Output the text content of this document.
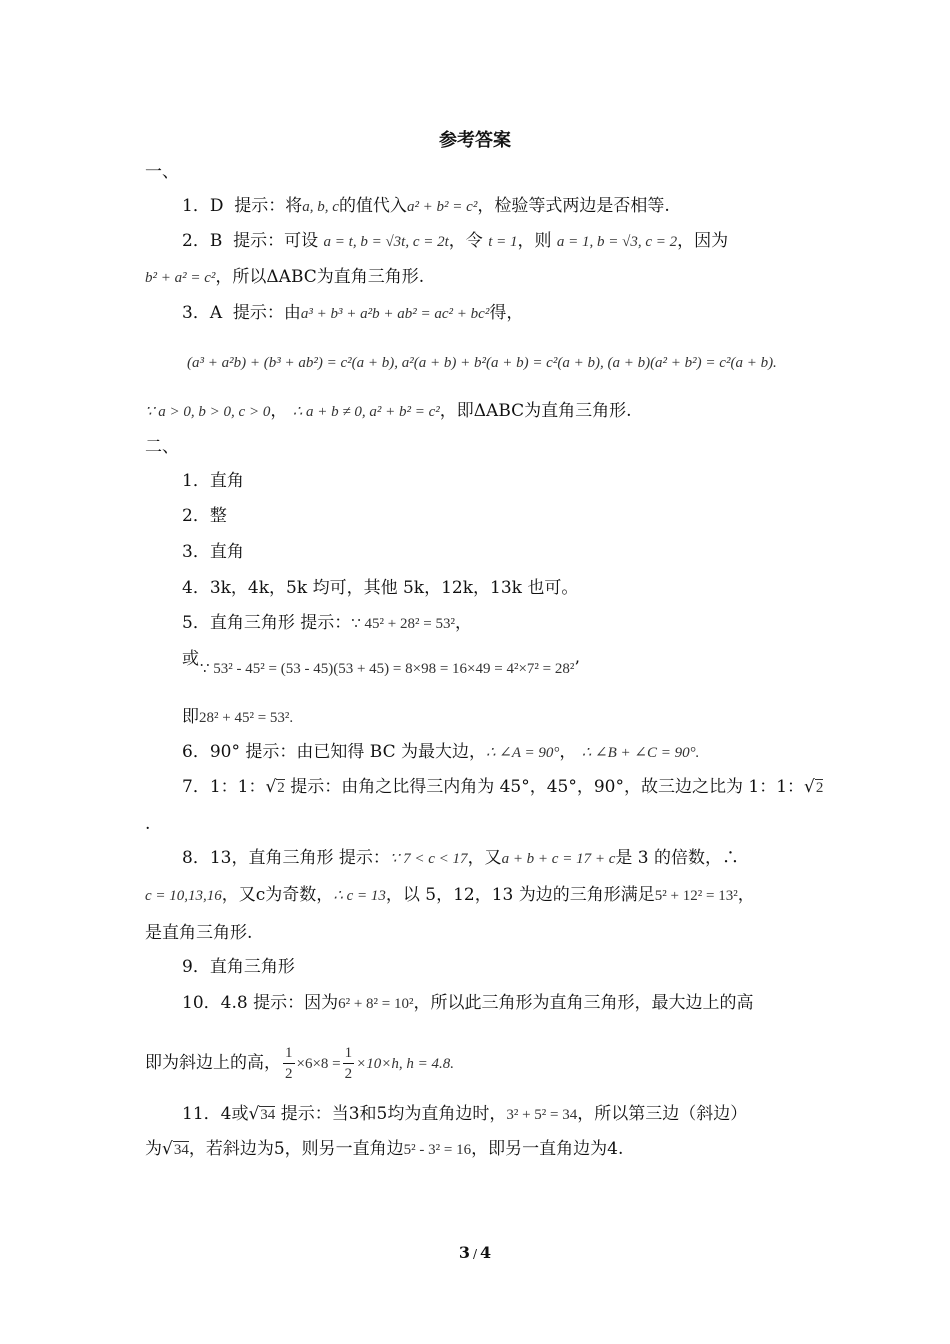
参考答案
一、
1．D 提示：将a, b, c的值代入a² + b² = c²，检验等式两边是否相等.
2．B 提示：可设 a = t, b = √3t, c = 2t，令 t = 1，则 a = 1, b = √3, c = 2，因为
b² + a² = c²，所以ΔABC为直角三角形.
3．A 提示：由a³ + b³ + a²b + ab² = ac² + bc²得，
(a³ + a²b) + (b³ + ab²) = c²(a + b), a²(a + b) + b²(a + b) = c²(a + b), (a + b)(a² + b²) = c²(a + b).
∵ a > 0, b > 0, c > 0， ∴ a + b ≠ 0, a² + b² = c²，即ΔABC为直角三角形.
二、
1．直角
2．整
3．直角
4．3k，4k，5k 均可，其他 5k，12k，13k 也可。
5．直角三角形 提示：∵ 45² + 28² = 53²，
或 ∵ 53² - 45² = (53 - 45)(53 + 45) = 8×98 = 16×49 = 4²×7² = 28²’
即28² + 45² = 53².
6．90° 提示：由已知得 BC 为最大边，∴ ∠A = 90°， ∴ ∠B + ∠C = 90°.
7．1：1：√2 提示：由角之比得三内角为 45°，45°，90°，故三边之比为 1：1：√2
.
8．13，直角三角形 提示：∵ 7 < c < 17，又a + b + c = 17 + c是 3 的倍数，∴
c = 10,13,16，又c为奇数，∴ c = 13，以 5，12，13 为边的三角形满足5² + 12² = 13²，
是直角三角形.
9．直角三角形
10．4.8 提示：因为6² + 8² = 10²，所以此三角形为直角三角形，最大边上的高
即为斜边上的高， $\frac{1}{2} \times 6\times 8 = \frac{1}{2} \times 10\times h$, h = 4.8.
11．4或√34 提示：当3和5均为直角边时，3² + 5² = 34，所以第三边（斜边）
为√34，若斜边为5，则另一直角边5² - 3² = 16，即另一直角边为4.
3 / 4
